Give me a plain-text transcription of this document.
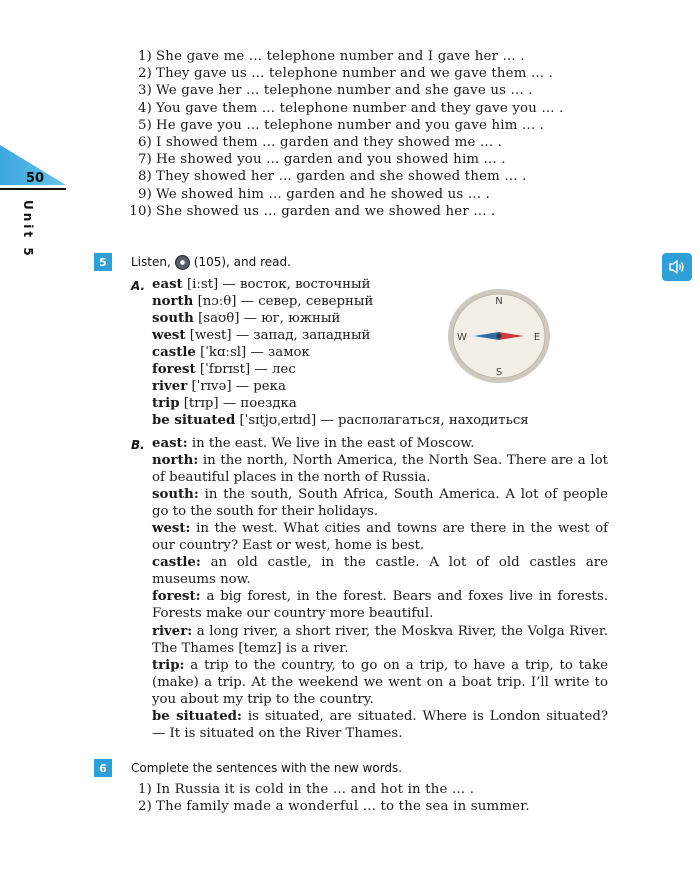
50
Unit 5
1) She gave me ... telephone number and I gave her ... .
2) They gave us ... telephone number and we gave them ... .
3) We gave her ... telephone number and she gave us ... .
4) You gave them ... telephone number and they gave you ... .
5) He gave you ... telephone number and you gave him ... .
6) I showed them ... garden and they showed me ... .
7) He showed you ... garden and you showed him ... .
8) They showed her ... garden and she showed them ... .
9) We showed him ... garden and he showed us ... .
10) She showed us ... garden and we showed her ... .
5	Listen, (105), and read.
A. east [iːst] — восток, восточный
north [nɔːθ] — север, северный
south [saʊθ] — юг, южный
west [west] — запад, западный
castle [ˈkɑːsl] — замок
forest [ˈfɒrɪst] — лес
river [ˈrɪvə] — река
trip [trɪp] — поездка
be situated [ˈsɪtjʊˌeɪtɪd] — располагаться, находиться
N
S
E
W
B. east: in the east. We live in the east of Moscow.

north: in the north, North America, the North Sea. There are a lot of beautiful places in the north of Russia.

south: in the south, South Africa, South America. A lot of people go to the south for their holidays.

west: in the west. What cities and towns are there in the west of our country? East or west, home is best.

castle: an old castle, in the castle. A lot of old castles are museums now.

forest: a big forest, in the forest. Bears and foxes live in forests. Forests make our country more beautiful.

river: a long river, a short river, the Moskva River, the Volga River. The Thames [temz] is a river.

trip: a trip to the country, to go on a trip, to have a trip, to take (make) a trip. At the weekend we went on a boat trip. I’ll write to you about my trip to the country.

be situated: is situated, are situated. Where is London situated? — It is situated on the River Thames.

6	Complete the sentences with the new words.
1) In Russia it is cold in the ... and hot in the ... .
2) The family made a wonderful ... to the sea in summer.
